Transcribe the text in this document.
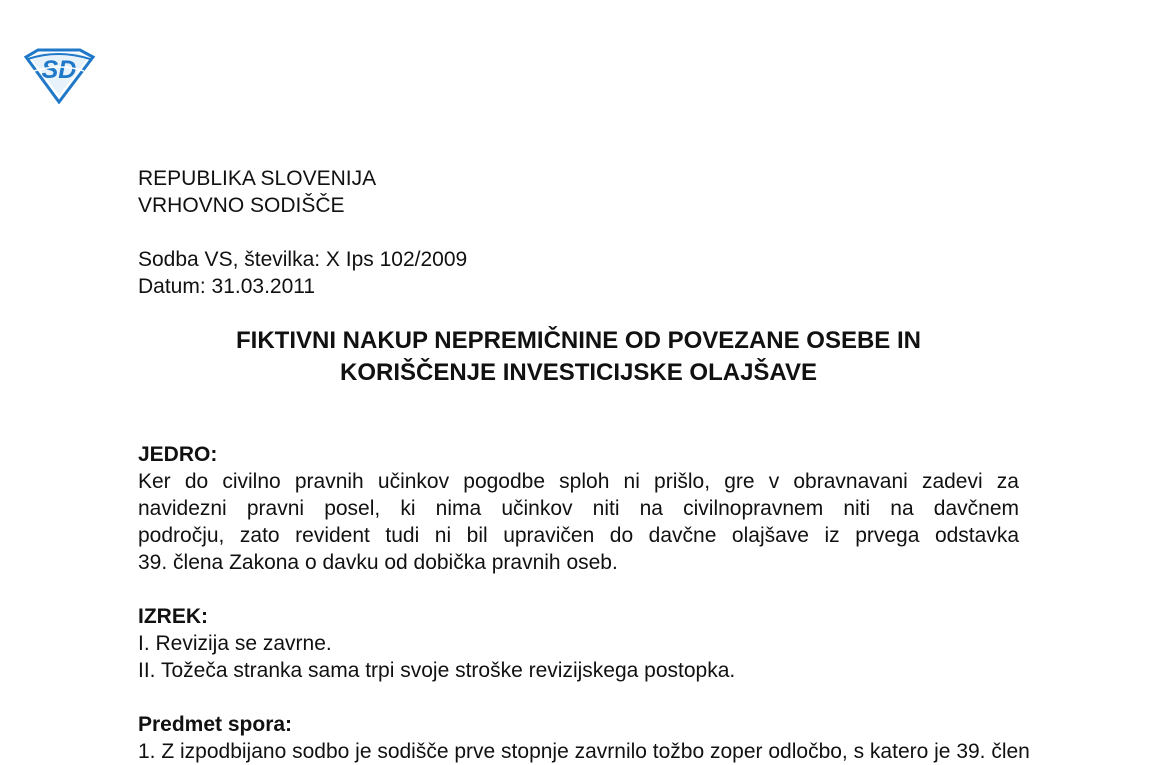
SD
REPUBLIKA SLOVENIJA
VRHOVNO SODIŠČE
Sodba VS, številka: X Ips 102/2009
Datum: 31.03.2011
FIKTIVNI NAKUP NEPREMIČNINE OD POVEZANE OSEBE IN
KORIŠČENJE INVESTICIJSKE OLAJŠAVE
JEDRO:
Ker do civilno pravnih učinkov pogodbe sploh ni prišlo, gre v obravnavani zadevi za
navidezni pravni posel, ki nima učinkov niti na civilnopravnem niti na davčnem
področju, zato revident tudi ni bil upravičen do davčne olajšave iz prvega odstavka
39. člena Zakona o davku od dobička pravnih oseb.
IZREK:
I. Revizija se zavrne.
II. Tožeča stranka sama trpi svoje stroške revizijskega postopka.
Predmet spora:
1. Z izpodbijano sodbo je sodišče prve stopnje zavrnilo tožbo zoper odločbo, s katero je 39. člen
